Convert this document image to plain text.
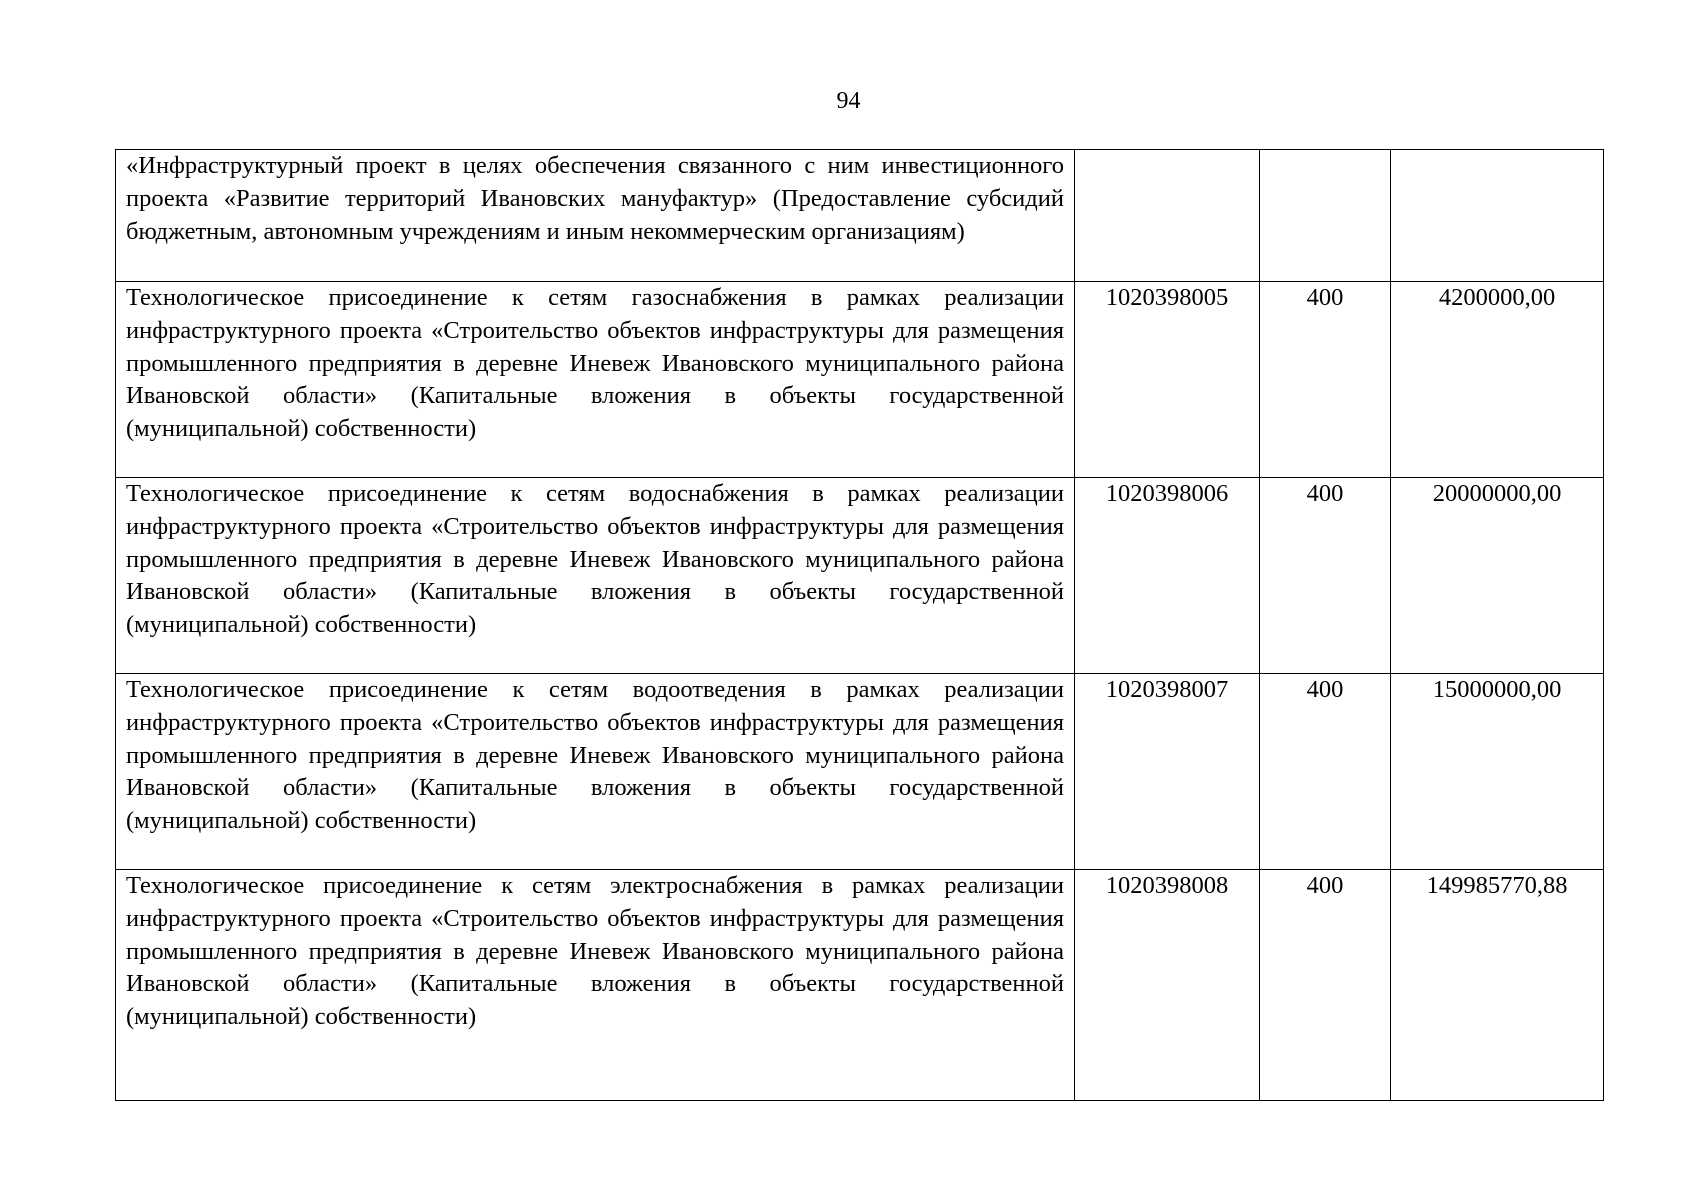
94
«Инфраструктурный проект в целях обеспечения связанного с ним инвестиционного проекта «Развитие территорий Ивановских мануфактур» (Предоставление субсидий бюджетным, автономным учреждениям и иным некоммерческим организациям)			
Технологическое присоединение к сетям газоснабжения в рамках реализации инфраструктурного проекта «Строительство объектов инфраструктуры для размещения промышленного предприятия в деревне Иневеж Ивановского муниципального района Ивановской области» (Капитальные вложения в объекты государственной (муниципальной) собственности)	1020398005	400	4200000,00
Технологическое присоединение к сетям водоснабжения в рамках реализации инфраструктурного проекта «Строительство объектов инфраструктуры для размещения промышленного предприятия в деревне Иневеж Ивановского муниципального района Ивановской области» (Капитальные вложения в объекты государственной (муниципальной) собственности)	1020398006	400	20000000,00
Технологическое присоединение к сетям водоотведения в рамках реализации инфраструктурного проекта «Строительство объектов инфраструктуры для размещения промышленного предприятия в деревне Иневеж Ивановского муниципального района Ивановской области» (Капитальные вложения в объекты государственной (муниципальной) собственности)	1020398007	400	15000000,00
Технологическое присоединение к сетям электроснабжения в рамках реализации инфраструктурного проекта «Строительство объектов инфраструктуры для размещения промышленного предприятия в деревне Иневеж Ивановского муниципального района Ивановской области» (Капитальные вложения в объекты государственной (муниципальной) собственности)	1020398008	400	149985770,88
